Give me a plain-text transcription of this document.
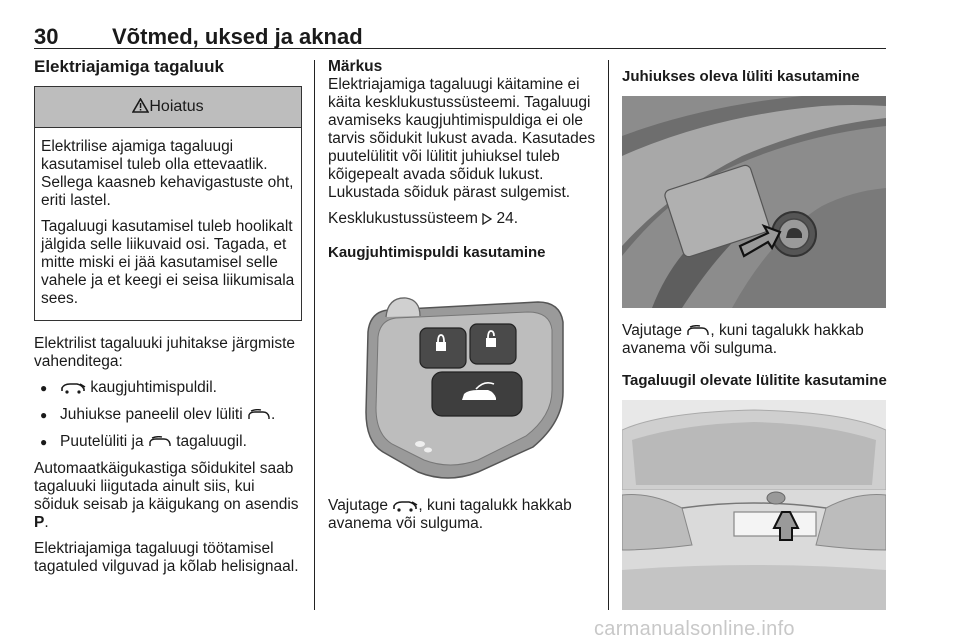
30 Võtmed, uksed ja aknad
Elektriajamiga tagaluuk
Hoiatus

Elektrilise ajamiga tagaluugi kasutamisel tuleb olla ettevaatlik. Sellega kaasneb kehavigastuste oht, eriti lastel.

Tagaluugi kasutamisel tuleb hoolikalt jälgida selle liikuvaid osi. Tagada, et mitte miski ei jää kasutamisel selle vahele ja et keegi ei seisa liikumisala sees.

Elektrilist tagaluuki juhitakse järgmiste vahenditega:

● kaugjuhtimispuldil.
● Juhiukse paneelil olev lüliti .
● Puutelüliti ja tagaluugil.

Automaatkäigukastiga sõidukitel saab tagaluuki liigutada ainult siis, kui sõiduk seisab ja käigukang on asendis P.

Elektriajamiga tagaluugi töötamisel tagatuled vilguvad ja kõlab helisignaal.

Märkus

Elektriajamiga tagaluugi käitamine ei käita kesklukustussüsteemi. Tagaluugi avamiseks kaugjuhtimispuldiga ei ole tarvis sõidukit lukust avada. Kasutades puutelülitit või lülitit juhiuksel tuleb kõigepealt avada sõiduk lukust. Lukustada sõiduk pärast sulgemist.

Kesklukustussüsteem 24.

Kaugjuhtimispuldi kasutamine

Vajutage , kuni tagalukk hakkab avanema või sulguma.

Juhiukses oleva lüliti kasutamine

Vajutage , kuni tagalukk hakkab avanema või sulguma.

Tagaluugil olevate lülitite kasutamine
carmanualsonline.info
